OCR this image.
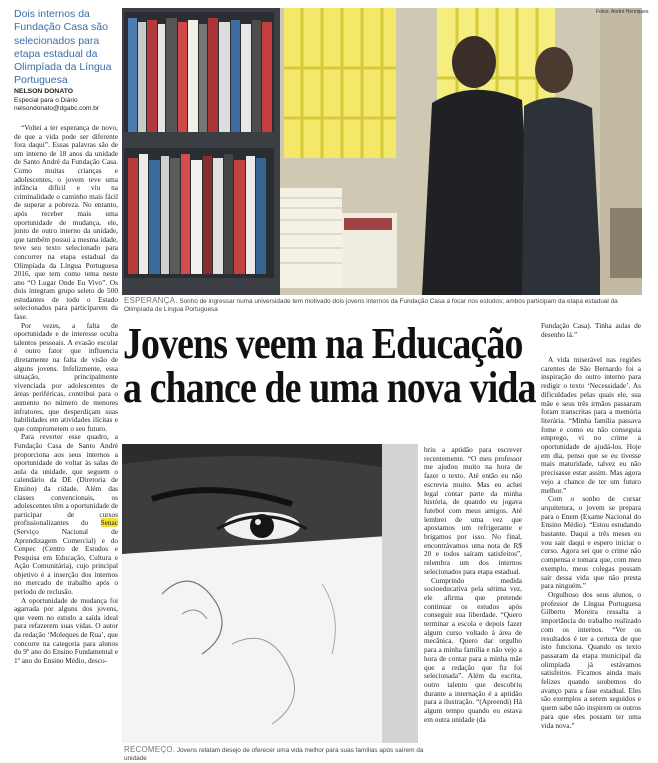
Dois internos da Fundação Casa são selecionados para etapa estadual da Olimpíada da Língua Portuguesa

NELSON DONATO
Especial para o Diário
nelsondonato@dgabc.com.br

“Voltei a ter esperança de novo, de que a vida pode ser diferente fora daqui”. Essas palavras são de um interno de 18 anos da unidade de Santo André da Fundação Casa. Como muitas crianças e adolescentes, o jovem teve uma infância difícil e viu na criminalidade o caminho mais fácil de superar a pobreza. No entanto, após receber mais uma oportunidade de mudança, ele, junto de outro interno da unidade, que também possui a mesma idade, teve seu texto selecionado para concorrer na etapa estadual da Olimpíada da Língua Portuguesa 2016, que tem como tema neste ano “O Lugar Onde Eu Vivo”. Os dois integram grupo seleto de 500 estudantes de todo o Estado selecionados para participarem da fase.

Por vezes, a falta de oportunidade e de interesse oculta talentos pessoais. A evasão escolar é outro fator que influencia diretamente na falta de visão de alguns jovens. Infelizmente, essa situação, principalmente vivenciada por adolescentes de áreas periféricas, contribui para o aumento no número de menores infratores, que desperdiçam suas habilidades em atividades ilícitas e que comprometem o seu futuro.

Para reverter esse quadro, a Fundação Casa de Santo André proporciona aos seus internos a oportunidade de voltar às salas de aula da unidade, que seguem o calendário da DE (Diretoria de Ensino) da cidade. Além das classes convencionais, os adolescentes têm a oportunidade de participar de cursos profissionalizantes do Senac (Serviço Nacional de Aprendizagem Comercial) e do Cenpec (Centro de Estudos e Pesquisa em Educação, Cultura e Ação Comunitária), cujo principal objetivo é a inserção dos internos no mercado de trabalho após o período de reclusão.

A oportunidade de mudança foi agarrada por alguns dos jovens, que veem no estudo a saída ideal para refazerem suas vidas. O autor da redação ‘Moleques de Rua’, que concorre na categoria para alunos do 9º ano do Ensino Fundamental e 1º ano do Ensino Médio, desco-

Fotos: André Henriques
ESPERANÇA. Sonho de ingressar numa universidade tem motivado dois jovens internos da Fundação Casa a focar nos estudos; ambos participam da etapa estadual da Olimpíada de Língua Portuguesa
Jovens veem na Educação
a chance de uma nova vida
RECOMEÇO. Jovens relatam desejo de oferecer uma vida melhor para suas famílias após saírem da unidade

briu a aptidão para escrever recentemente. “O meu professor me ajudou muito na hora de fazer o texto. Até então eu não escrevia muito. Mas eu achei legal contar parte da minha história, de quando eu jogava futebol com meus amigos. Até lembrei de uma vez que apostamos um refrigerante e brigamos por isso. No final, encontrávamos uma nota de R$ 20 e todos saíram satisfeitos”, relembra um dos internos selecionados para etapa estadual.

Cumprindo medida socioeducativa pela sétima vez, ele afirma que pretende continuar os estudos após conseguir sua liberdade. “Quero terminar a escola e depois fazer algum curso voltado à área de mecânica. Quero dar orgulho para a minha família e não vejo a hora de contar para a minha mãe que a redação que fiz foi selecionada”. Além da escrita, outro talento que descobriu durante a internação é a aptidão para a ilustração. “(Apreendi) Há algum tempo quando eu estava em outra unidade (da

Fundação Casa). Tinha aulas de desenho lá.”

A vida miserável nas regiões carentes de São Bernardo foi a inspiração do outro interno para redigir o texto ‘Necessidade’. As dificuldades pelas quais ele, sua mãe e seus três irmãos passaram foram transcritas para a memória literária. “Minha família passava fome e como eu não conseguia emprego, vi no crime a oportunidade de ajudá-los. Hoje em dia, penso que se eu tivesse mais maturidade, talvez eu não precisasse estar assim. Mas agora vejo a chance de ter um futuro melhor.”

Com o sonho de cursar arquitetura, o jovem se prepara para o Enem (Exame Nacional do Ensino Médio). “Estou estudando bastante. Daqui a três meses eu vou sair daqui e espero iniciar o curso. Agora sei que o crime não compensa e tomara que, com meu exemplo, meus colegas possam sair dessa vida que não presta para ninguém.”

Orgulhoso dos seus alunos, o professor de Língua Portuguesa Gilberto Moreira ressalta a importância do trabalho realizado com os internos. “Ver os resultados é ter a certeza de que isto funciona. Quando os texto passaram da etapa municipal da olimpíada já estávamos satisfeitos. Ficamos ainda mais felizes quando soubemos do avanço para a fase estadual. Eles são exemplos a serem seguidos e quem sabe não inspirem os outros para que eles possam ter uma vida nova.”
